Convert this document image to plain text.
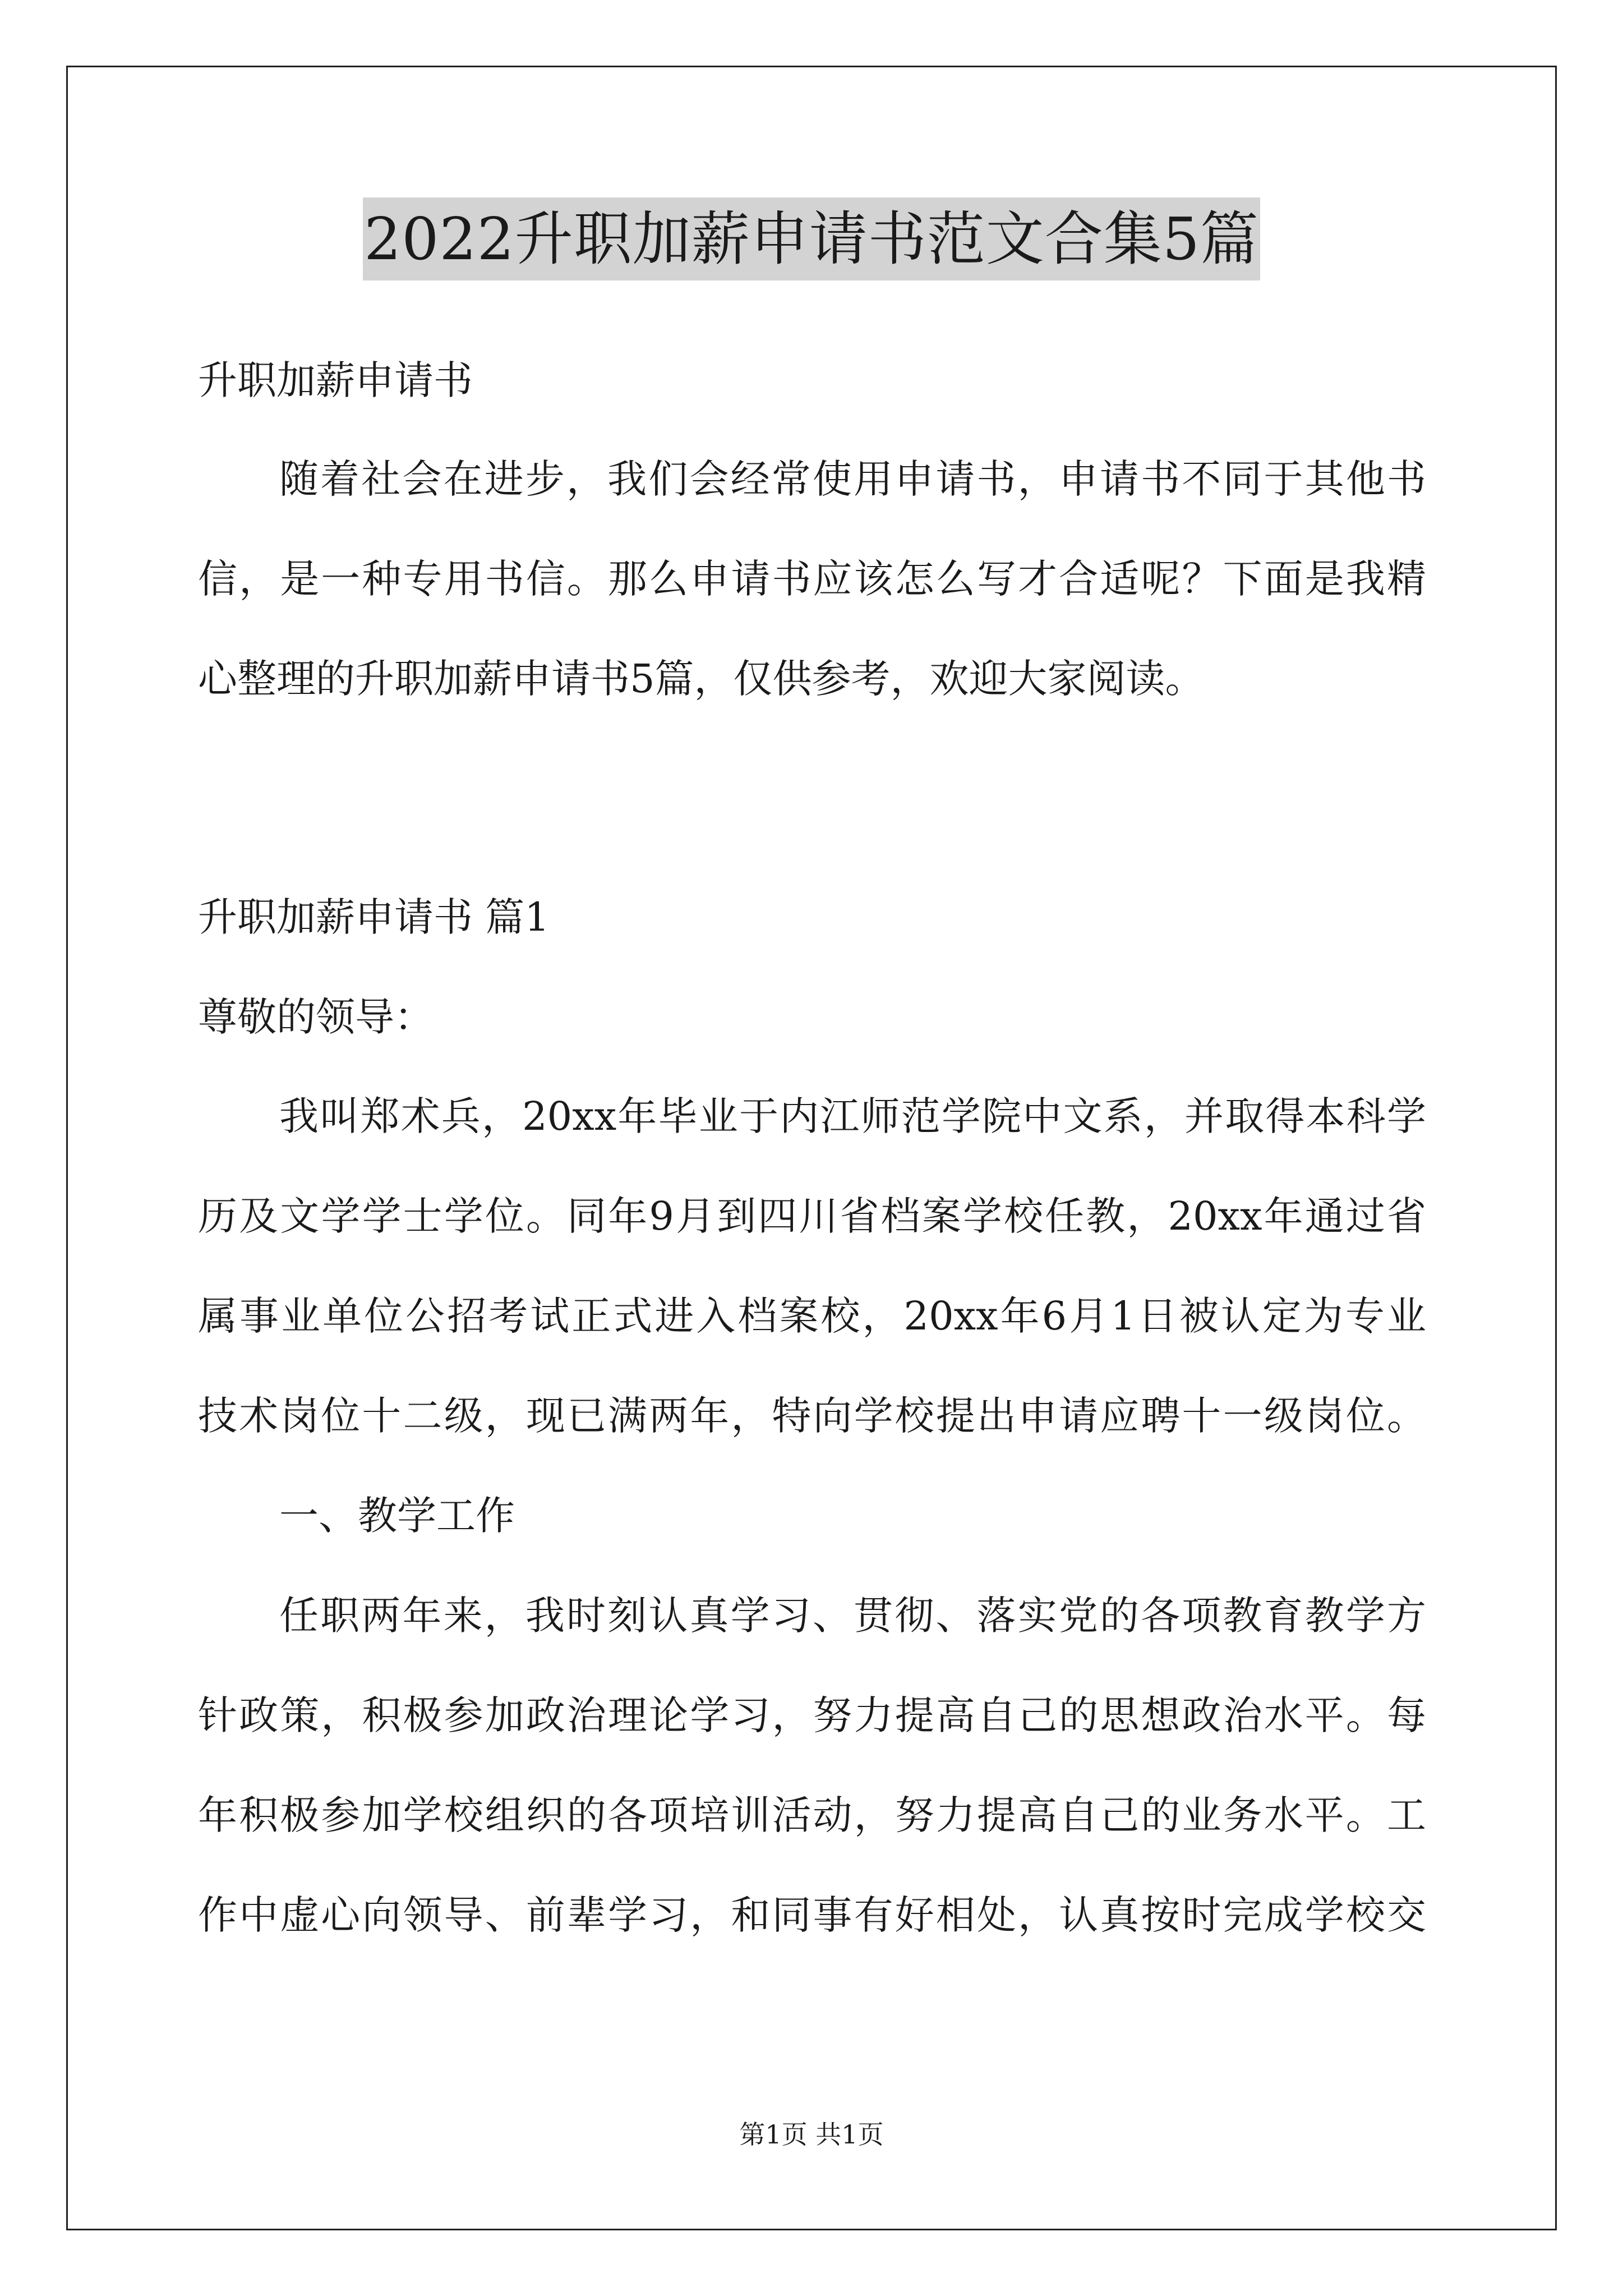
2022升职加薪申请书范文合集5篇
升职加薪申请书
随着社会在进步，我们会经常使用申请书，申请书不同于其他书
信，是一种专用书信。那么申请书应该怎么写才合适呢？下面是我精
心整理的升职加薪申请书5篇，仅供参考，欢迎大家阅读。
升职加薪申请书 篇1
尊敬的领导：
我叫郑术兵，20xx年毕业于内江师范学院中文系，并取得本科学
历及文学学士学位。同年9月到四川省档案学校任教，20xx年通过省
属事业单位公招考试正式进入档案校，20xx年6月1日被认定为专业
技术岗位十二级，现已满两年，特向学校提出申请应聘十一级岗位。
一、教学工作
任职两年来，我时刻认真学习、贯彻、落实党的各项教育教学方
针政策，积极参加政治理论学习，努力提高自己的思想政治水平。每
年积极参加学校组织的各项培训活动，努力提高自己的业务水平。工
作中虚心向领导、前辈学习，和同事有好相处，认真按时完成学校交
第1页 共1页
